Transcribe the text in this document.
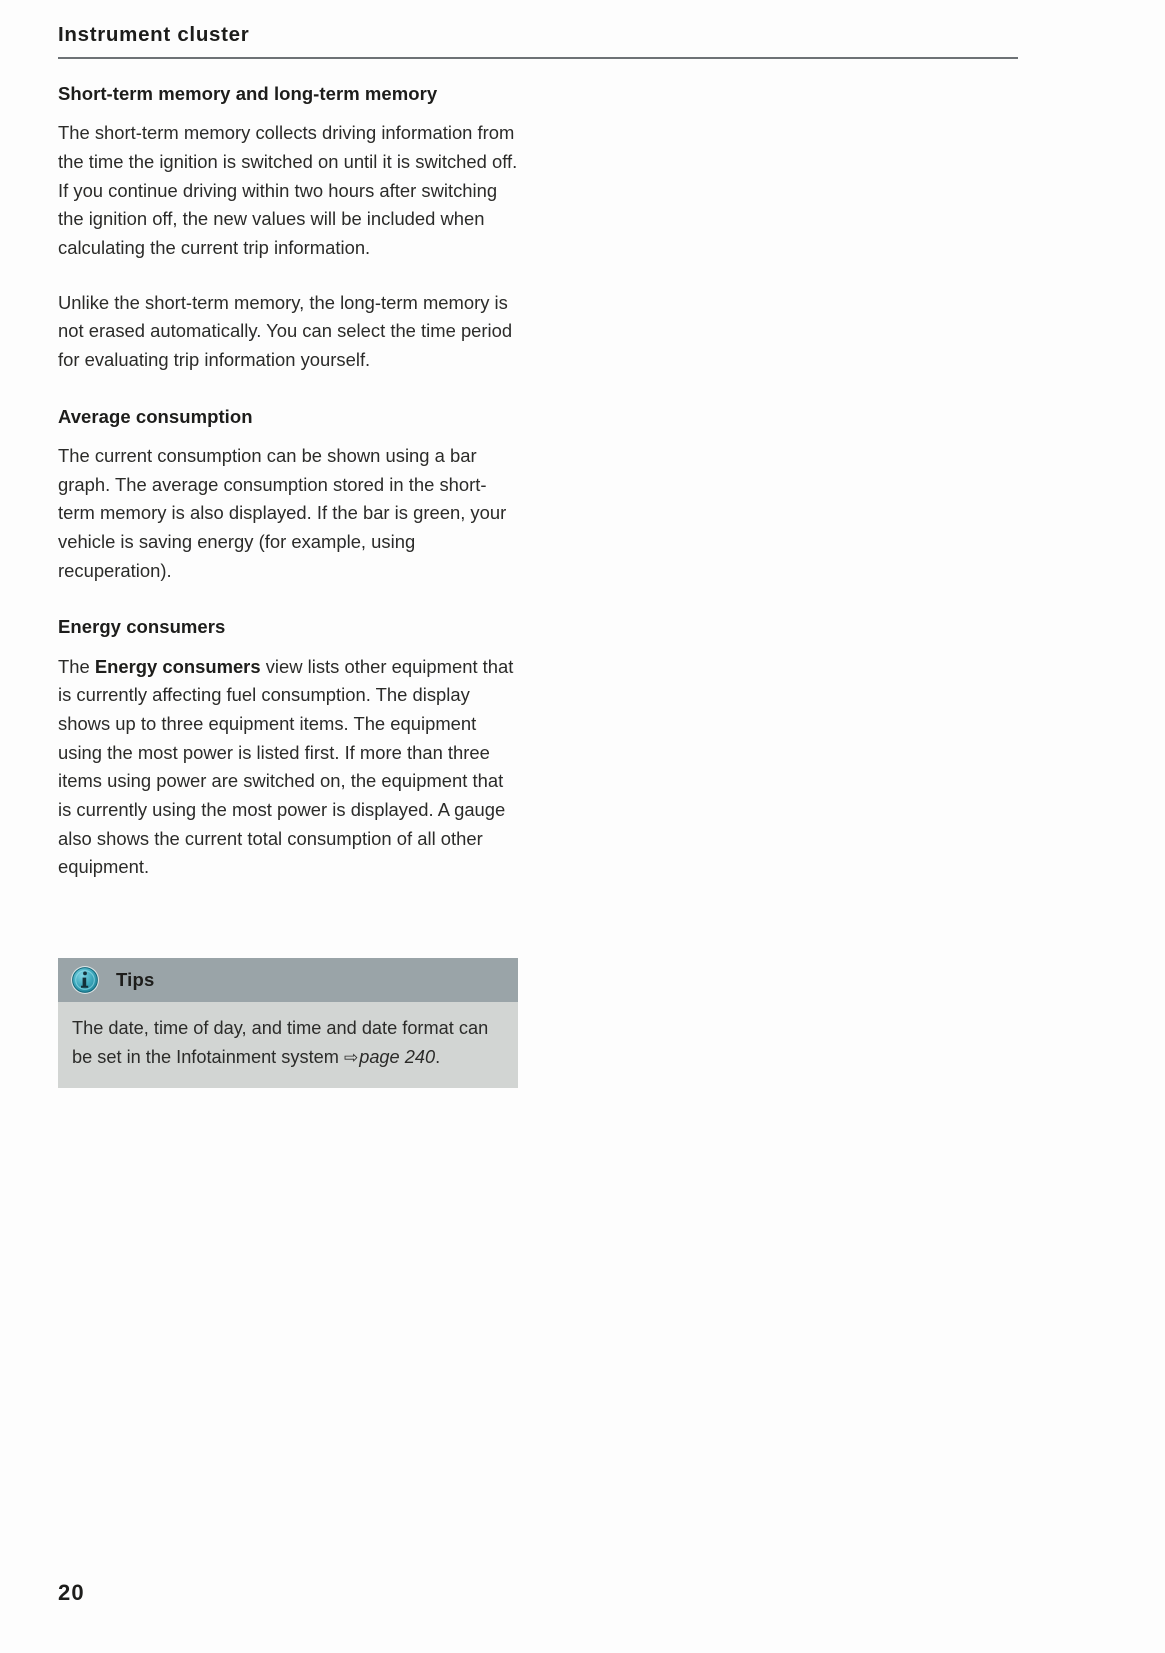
Instrument cluster
Short-term memory and long-term memory

The short-term memory collects driving information from the time the ignition is switched on until it is switched off. If you continue driving within two hours after switching the ignition off, the new values will be included when calculating the current trip information.

Unlike the short-term memory, the long-term memory is not erased automatically. You can select the time period for evaluating trip information yourself.

Average consumption

The current consumption can be shown using a bar graph. The average consumption stored in the short-term memory is also displayed. If the bar is green, your vehicle is saving energy (for example, using recuperation).

Energy consumers

The Energy consumers view lists other equipment that is currently affecting fuel consumption. The display shows up to three equipment items. The equipment using the most power is listed first. If more than three items using power are switched on, the equipment that is currently using the most power is displayed. A gauge also shows the current total consumption of all other equipment.

Tips

The date, time of day, and time and date format can be set in the Infotainment system ⇨page 240.

20
